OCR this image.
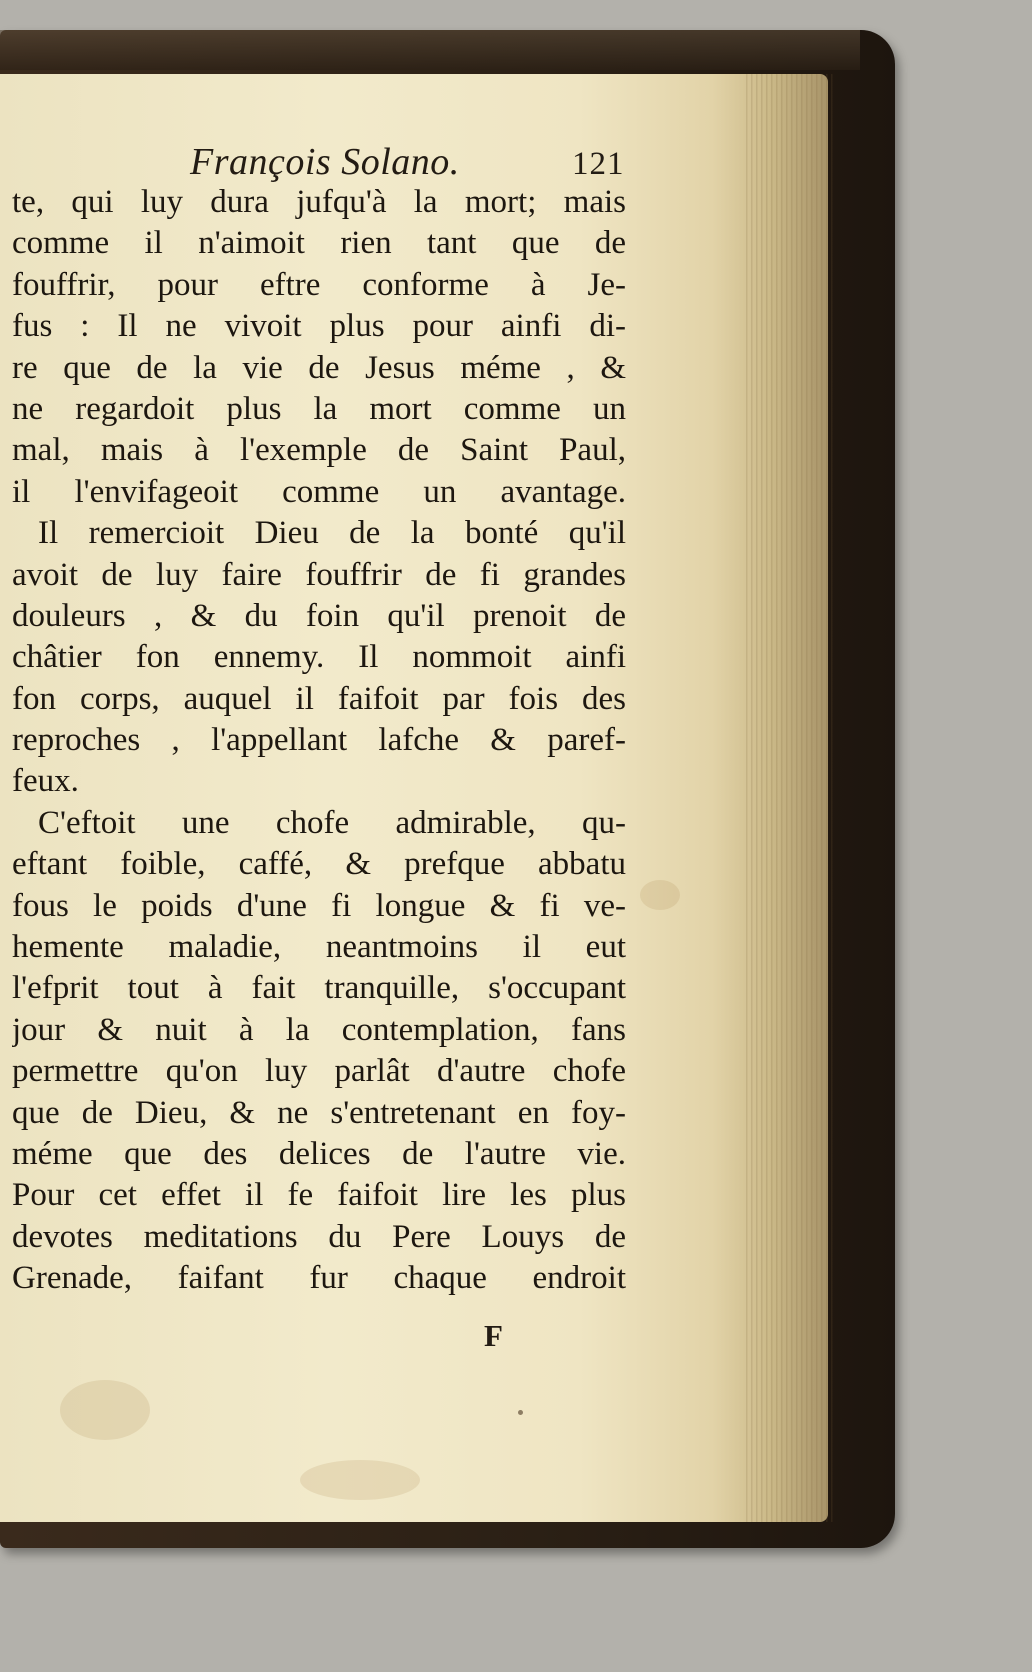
François Solano.	121
te, qui luy dura jufqu'à la mort; mais
comme il n'aimoit rien tant que de
fouffrir, pour eftre conforme à Je-
fus : Il ne vivoit plus pour ainfi di-
re que de la vie de Jesus méme , &
ne regardoit plus la mort comme un
mal, mais à l'exemple de Saint Paul,
il l'envifageoit comme un avantage.
Il remercioit Dieu de la bonté qu'il
avoit de luy faire fouffrir de fi grandes
douleurs , & du foin qu'il prenoit de
châtier fon ennemy. Il nommoit ainfi
fon corps, auquel il faifoit par fois des
reproches , l'appellant lafche & paref-
feux.
C'eftoit une chofe admirable, qu-
eftant foible, caffé, & prefque abbatu
fous le poids d'une fi longue & fi ve-
hemente maladie, neantmoins il eut
l'efprit tout à fait tranquille, s'occupant
jour & nuit à la contemplation, fans
permettre qu'on luy parlât d'autre chofe
que de Dieu, & ne s'entretenant en foy-
méme que des delices de l'autre vie.
Pour cet effet il fe faifoit lire les plus
devotes meditations du Pere Louys de
Grenade, faifant fur chaque endroit
F
